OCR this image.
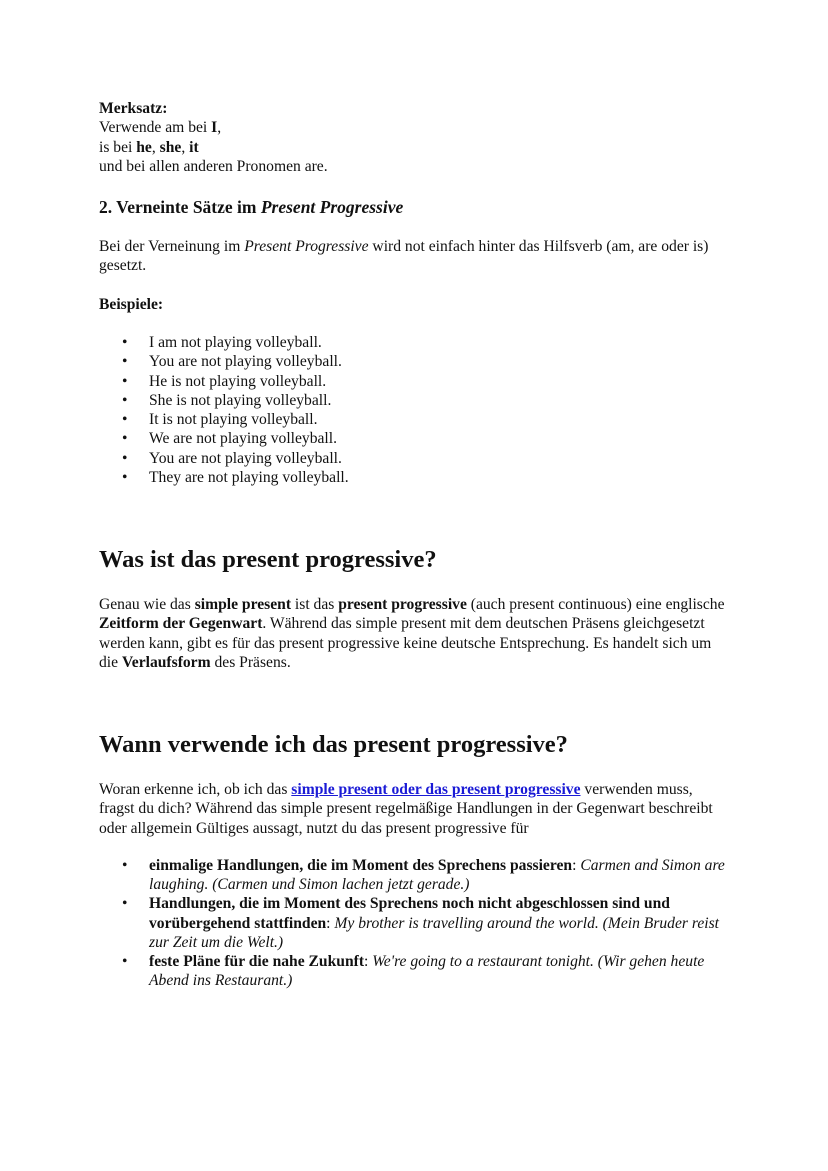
Merksatz:
Verwende am bei I,
is bei he, she, it
und bei allen anderen Pronomen are.
2. Verneinte Sätze im Present Progressive
Bei der Verneinung im Present Progressive wird not einfach hinter das Hilfsverb (am, are oder is) gesetzt.
Beispiele:
• I am not playing volleyball.
• You are not playing volleyball.
• He is not playing volleyball.
• She is not playing volleyball.
• It is not playing volleyball.
• We are not playing volleyball.
• You are not playing volleyball.
• They are not playing volleyball.
Was ist das present progressive?
Genau wie das simple present ist das present progressive (auch present continuous) eine englische Zeitform der Gegenwart. Während das simple present mit dem deutschen Präsens gleichgesetzt werden kann, gibt es für das present progressive keine deutsche Entsprechung. Es handelt sich um die Verlaufsform des Präsens.
Wann verwende ich das present progressive?
Woran erkenne ich, ob ich das simple present oder das present progressive verwenden muss, fragst du dich? Während das simple present regelmäßige Handlungen in der Gegenwart beschreibt oder allgemein Gültiges aussagt, nutzt du das present progressive für
• einmalige Handlungen, die im Moment des Sprechens passieren: Carmen and Simon are laughing. (Carmen und Simon lachen jetzt gerade.)
• Handlungen, die im Moment des Sprechens noch nicht abgeschlossen sind und vorübergehend stattfinden: My brother is travelling around the world. (Mein Bruder reist zur Zeit um die Welt.)
• feste Pläne für die nahe Zukunft: We're going to a restaurant tonight. (Wir gehen heute Abend ins Restaurant.)
